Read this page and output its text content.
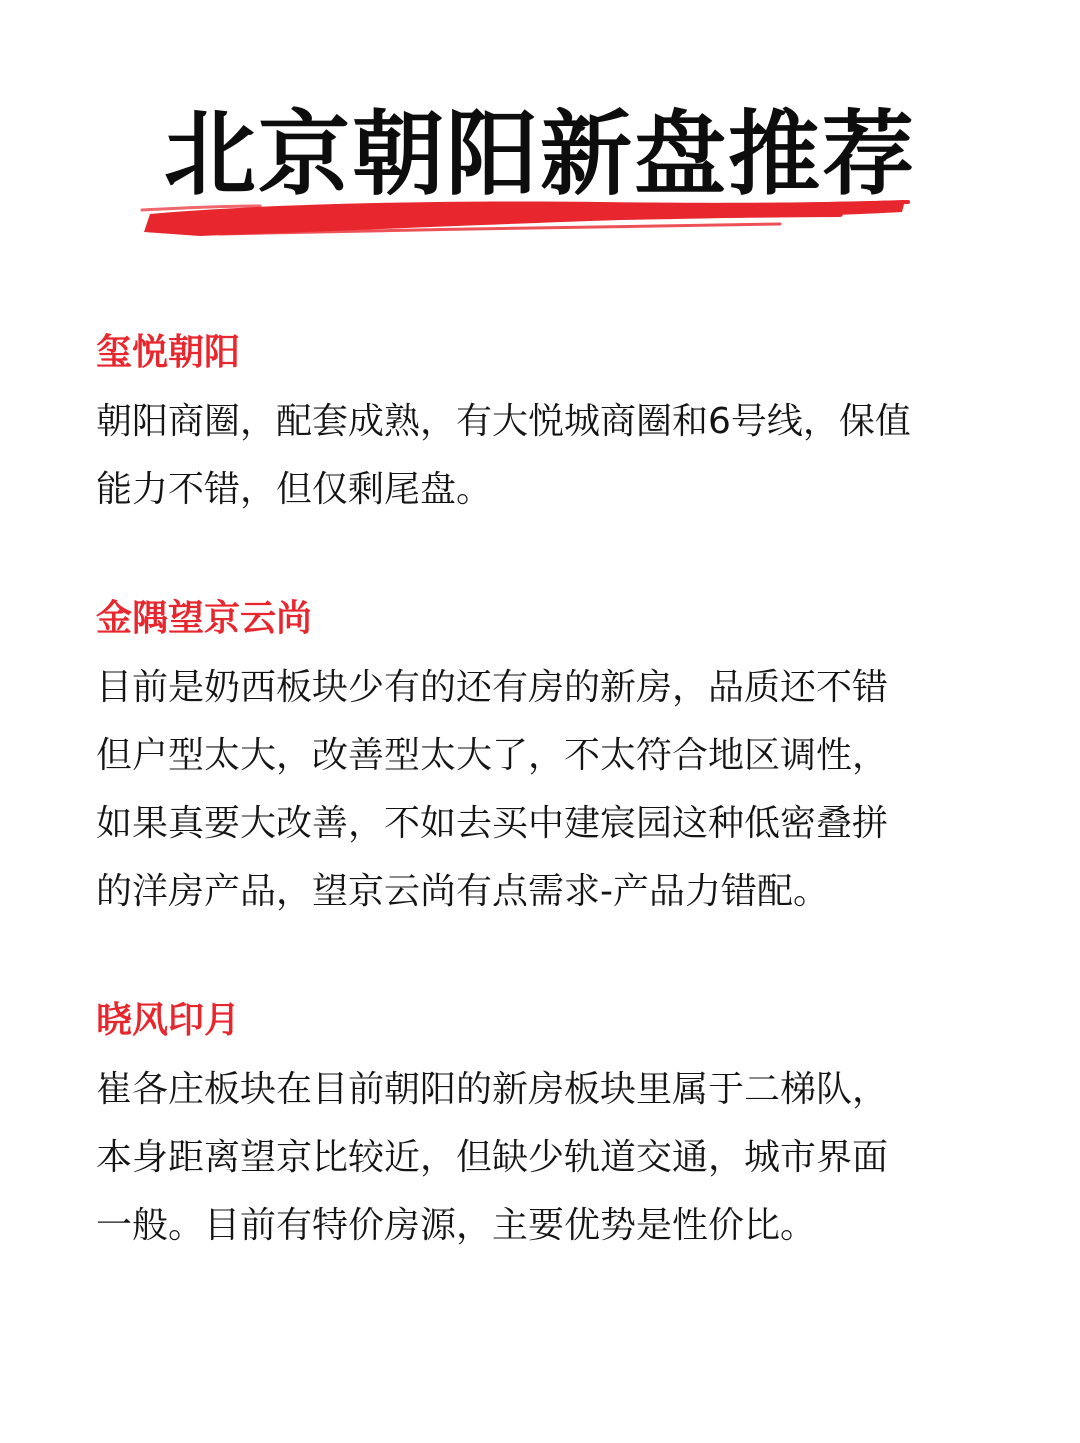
北京朝阳新盘推荐
玺悦朝阳
朝阳商圈，配套成熟，有大悦城商圈和6号线，保值
能力不错，但仅剩尾盘。
金隅望京云尚
目前是奶西板块少有的还有房的新房，品质还不错
但户型太大，改善型太大了，不太符合地区调性，
如果真要大改善，不如去买中建宸园这种低密叠拼
的洋房产品，望京云尚有点需求-产品力错配。
晓风印月
崔各庄板块在目前朝阳的新房板块里属于二梯队，
本身距离望京比较近，但缺少轨道交通，城市界面
一般。目前有特价房源，主要优势是性价比。
